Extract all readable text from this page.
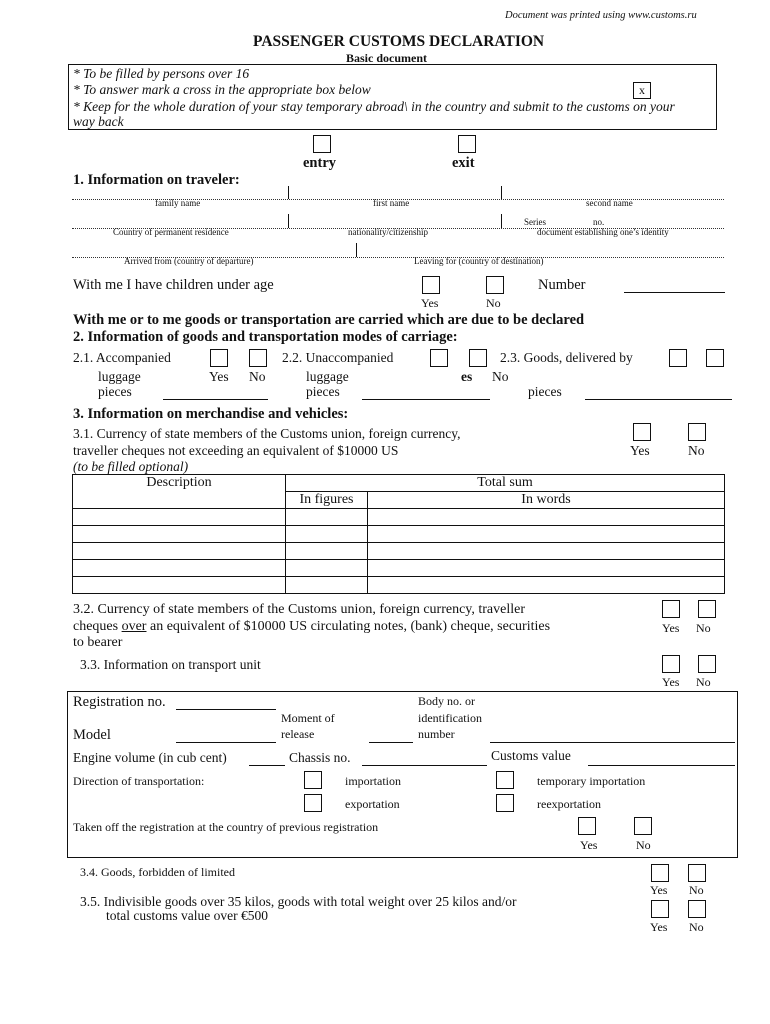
Document was printed using www.customs.ru
PASSENGER CUSTOMS DECLARATION
Basic document
* To be filled by persons over 16
* To answer mark a cross in the appropriate box below	x
* Keep for the whole duration of your stay temporary abroad\ in the country and submit to the customs on your
way back
entry	exit
1. Information on traveler:
family name	first name	second name
Series	no.
Country of permanent residence	nationality/citizenship	document establishing one’s identity
Arrived from (country of departure)	Leaving for (country of destination)
With me I have children under age
Yes	No
Number
With me or to me goods or transportation are carried which are due to be declared
2. Information of goods and transportation modes of carriage:
2.1. Accompanied
luggage	Yes No
pieces
2.2. Unaccompanied
luggage	es No
pieces
2.3. Goods, delivered by
pieces
3. Information on merchandise and vehicles:
3.1. Currency of state members of the Customs union, foreign currency,
traveller cheques not exceeding an equivalent of $10000 US
(to be filled optional)
Yes	No
Description	Total sum	
	In figures	In words

3.2. Currency of state members of the Customs union, foreign currency, traveller
cheques over an equivalent of $10000 US circulating notes, (bank) cheque, securities
to bearer
Yes No
3.3. Information on transport unit
Yes No
Registration no.	Body no. or
identification
number
Moment of
release
Model
Engine volume (in cub cent)	Chassis no.	Customs value
Direction of transportation:	importation	temporary importation
exportation	reexportation
Taken off the registration at the country of previous registration
Yes	No
3.4. Goods, forbidden of limited
Yes No
3.5. Indivisible goods over 35 kilos, goods with total weight over 25 kilos and/or
total customs value over €500
Yes No
